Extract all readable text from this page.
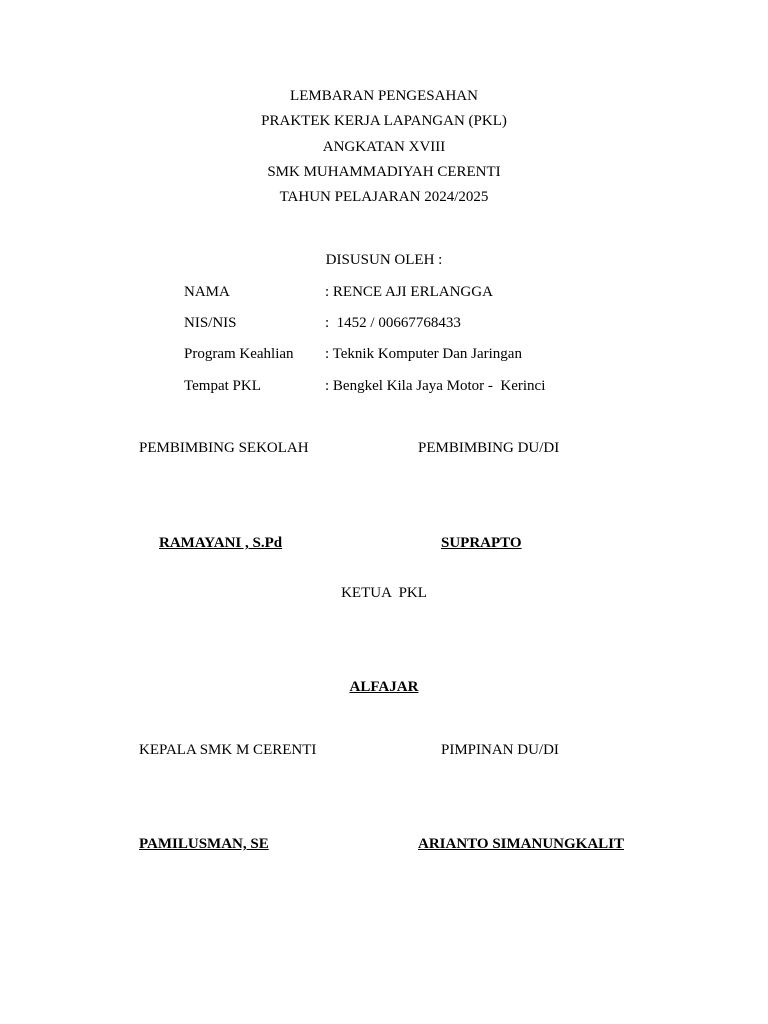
LEMBARAN PENGESAHAN
PRAKTEK KERJA LAPANGAN (PKL)
ANGKATAN XVIII
SMK MUHAMMADIYAH CERENTI
TAHUN PELAJARAN 2024/2025
DISUSUN OLEH :
NAMA	: RENCE AJI ERLANGGA
NIS/NIS	:  1452 / 00667768433
Program Keahlian : Teknik Komputer Dan Jaringan
Tempat PKL	: Bengkel Kila Jaya Motor -  Kerinci
PEMBIMBING SEKOLAH	PEMBIMBING DU/DI
RAMAYANI , S.Pd	SUPRAPTO
KETUA  PKL
ALFAJAR
KEPALA SMK M CERENTI	PIMPINAN DU/DI
PAMILUSMAN, SE	ARIANTO SIMANUNGKALIT
